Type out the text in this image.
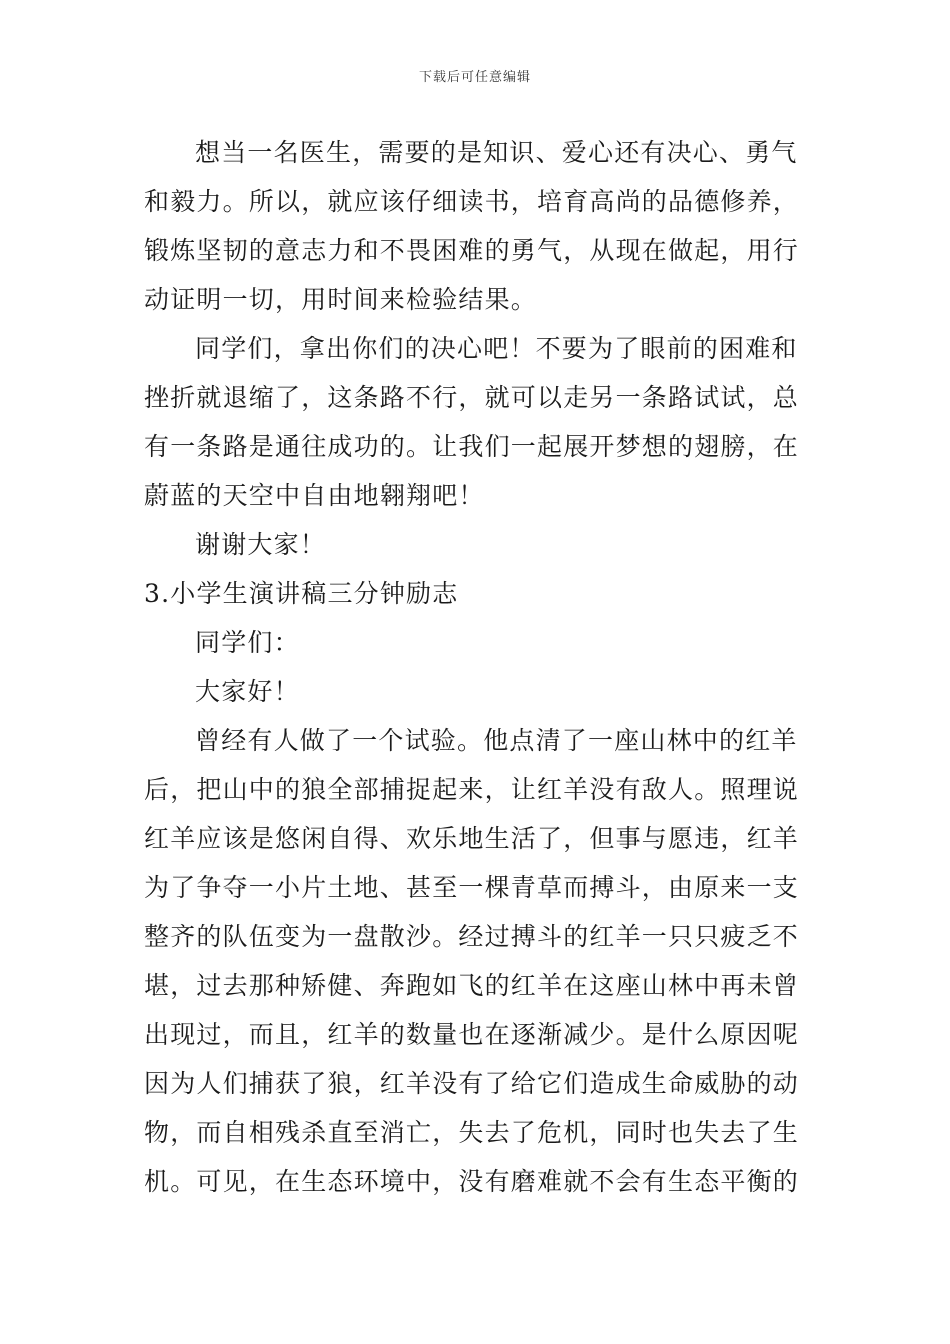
下载后可任意编辑
想当一名医生，需要的是知识、爱心还有决心、勇气
和毅力。所以，就应该仔细读书，培育高尚的品德修养，
锻炼坚韧的意志力和不畏困难的勇气，从现在做起，用行
动证明一切，用时间来检验结果。
同学们，拿出你们的决心吧！不要为了眼前的困难和
挫折就退缩了，这条路不行，就可以走另一条路试试，总
有一条路是通往成功的。让我们一起展开梦想的翅膀，在
蔚蓝的天空中自由地翱翔吧！
谢谢大家！
3.小学生演讲稿三分钟励志
同学们：
大家好！
曾经有人做了一个试验。他点清了一座山林中的红羊
后，把山中的狼全部捕捉起来，让红羊没有敌人。照理说
红羊应该是悠闲自得、欢乐地生活了，但事与愿违，红羊
为了争夺一小片土地、甚至一棵青草而搏斗，由原来一支
整齐的队伍变为一盘散沙。经过搏斗的红羊一只只疲乏不
堪，过去那种矫健、奔跑如飞的红羊在这座山林中再未曾
出现过，而且，红羊的数量也在逐渐减少。是什么原因呢
因为人们捕获了狼，红羊没有了给它们造成生命威胁的动
物，而自相残杀直至消亡，失去了危机，同时也失去了生
机。可见，在生态环境中，没有磨难就不会有生态平衡的
